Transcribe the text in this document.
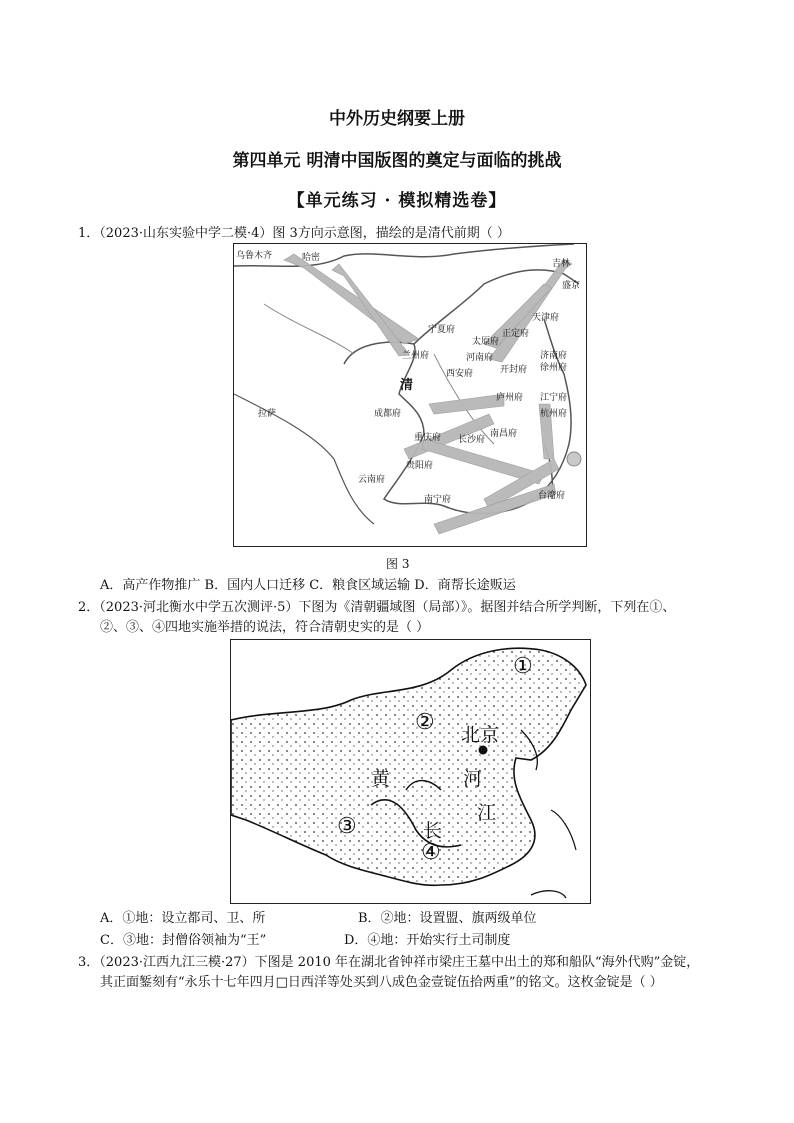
中外历史纲要上册
第四单元 明清中国版图的奠定与面临的挑战
【单元练习 · 模拟精选卷】
1．（2023·山东实验中学二模·4）图 3方向示意图，描绘的是清代前期（ ）
乌鲁木齐	哈密
吉林
盛京
宁夏府
太原府
天津府
正定府
兰州府	河南府
清
西安府	开封府
济南府
徐州府
江宁府
庐州府
杭州府
拉萨	成都府
重庆府 长沙府
南昌府
贵阳府
云南府
南宁府	台湾府
图 3
A．高产作物推广 B．国内人口迁移 C．粮食区域运输 D．商帮长途贩运
2．（2023·河北衡水中学五次测评·5）下图为《清朝疆域图（局部）》。据图并结合所学判断，下列在①、
②、③、④四地实施举措的说法，符合清朝史实的是（ ）
①
② 北京
黄	河
江
③	长
④
A．①地：设立都司、卫、所	B．②地：设置盟、旗两级单位
C．③地：封僧俗领袖为“王”	D．④地：开始实行土司制度
3．（2023·江西九江三模·27）下图是 2010 年在湖北省钟祥市梁庄王墓中出土的郑和船队“海外代购”金锭，
其正面錾刻有“永乐十七年四月□日西洋等处买到八成色金壹锭伍拾两重”的铭文。这枚金锭是（ ）
